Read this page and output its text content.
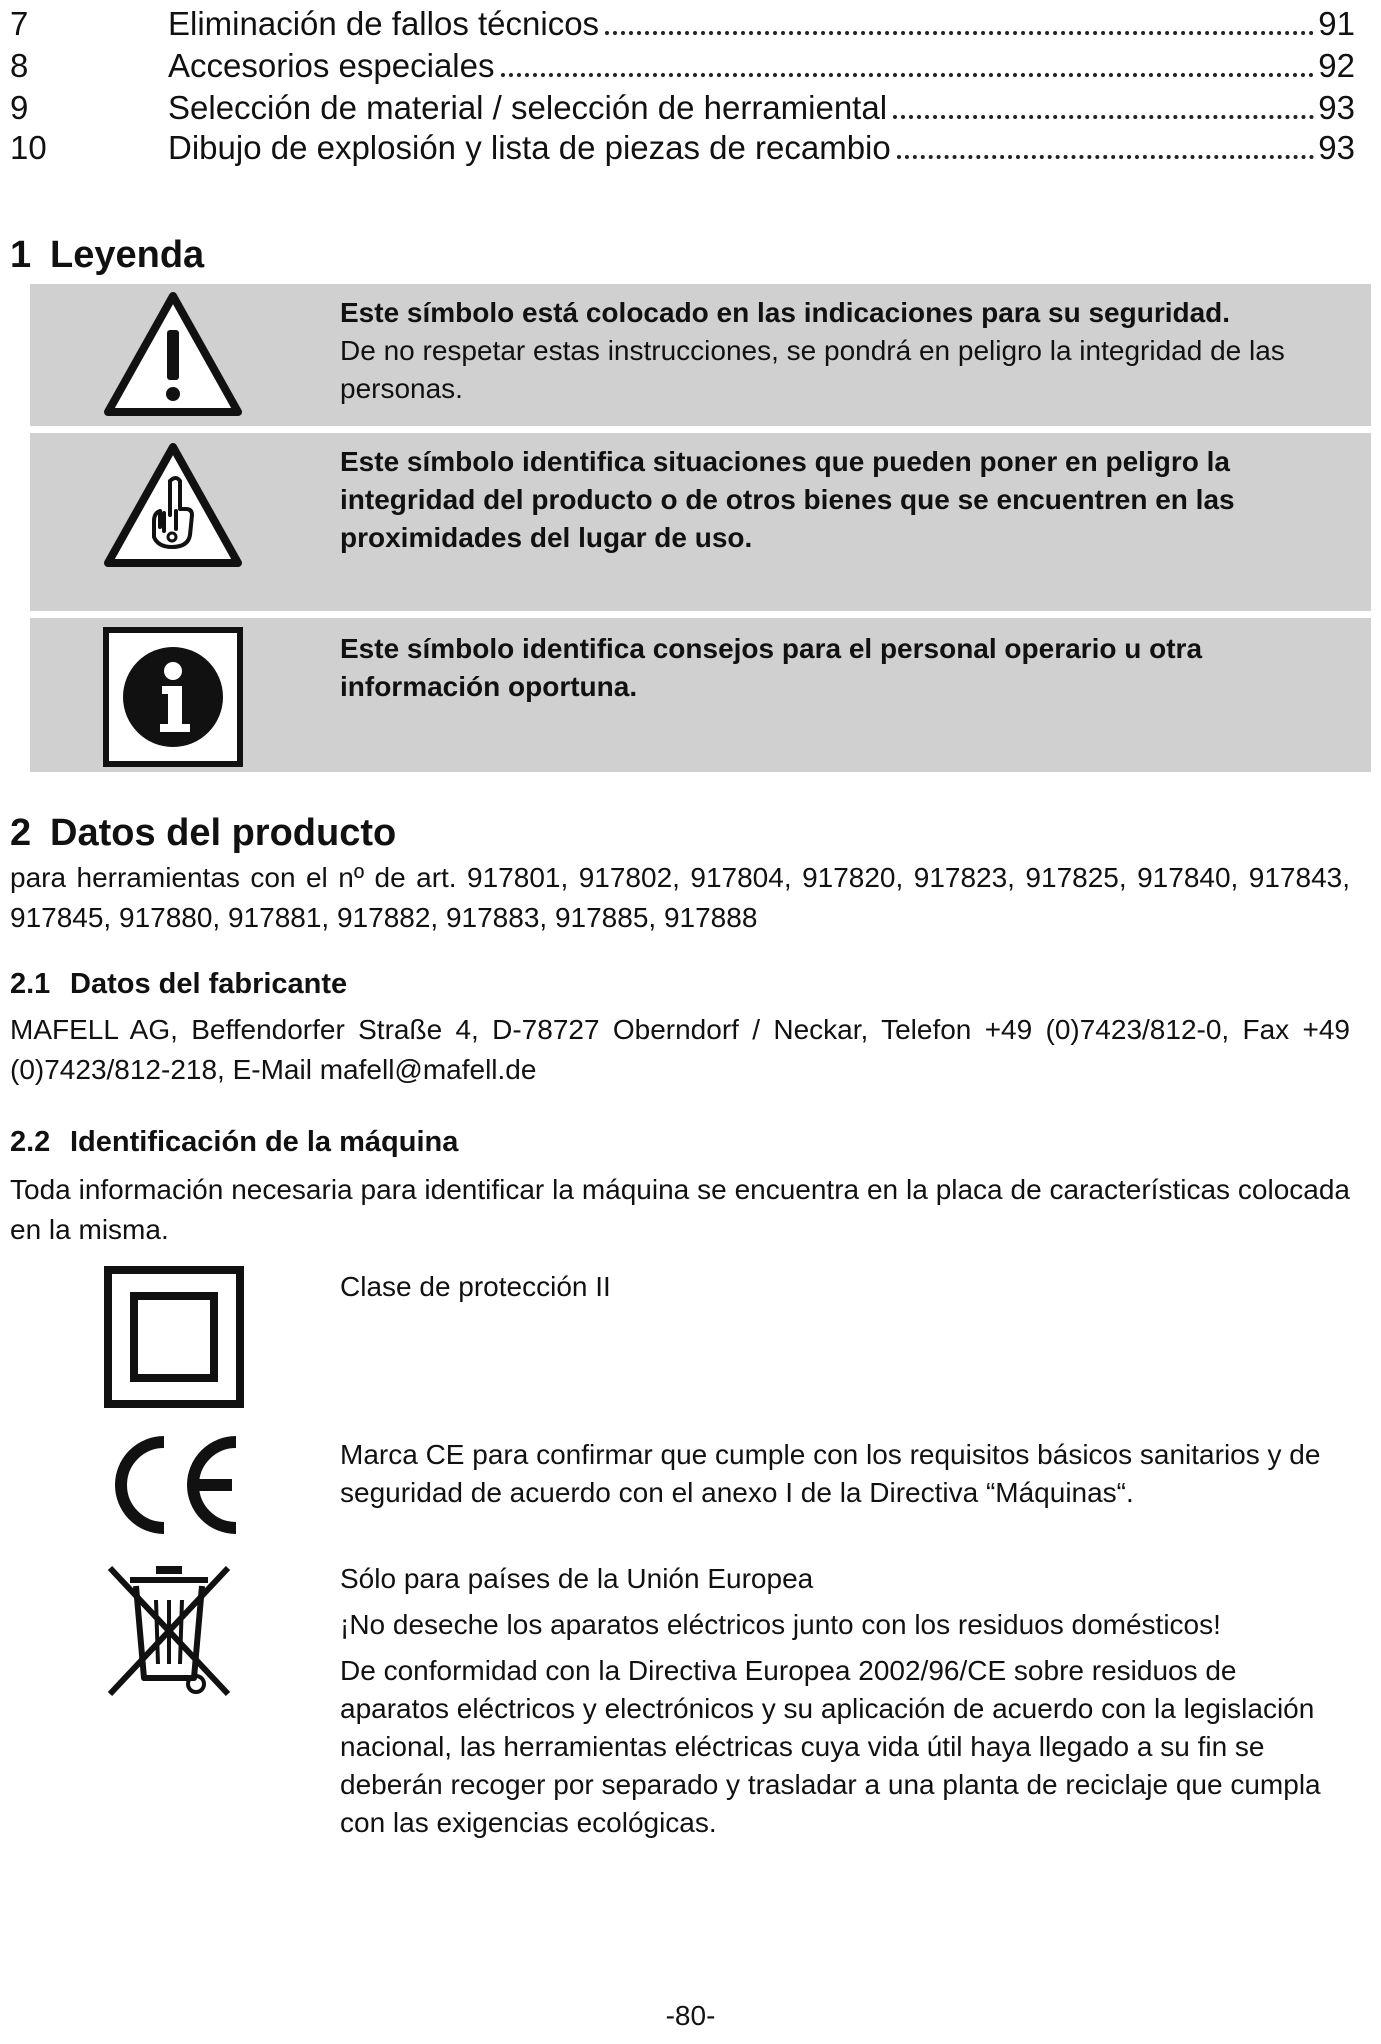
7	Eliminación de fallos técnicos	91
8	Accesorios especiales	92
9	Selección de material / selección de herramiental	93
10	Dibujo de explosión y lista de piezas de recambio	93
1 Leyenda
Este símbolo está colocado en las indicaciones para su seguridad.
De no respetar estas instrucciones, se pondrá en peligro la integridad de las personas.
Este símbolo identifica situaciones que pueden poner en peligro la integridad del producto o de otros bienes que se encuentren en las proximidades del lugar de uso.
Este símbolo identifica consejos para el personal operario u otra información oportuna.
2 Datos del producto
para herramientas con el nº de art. 917801, 917802, 917804, 917820, 917823, 917825, 917840, 917843, 917845, 917880, 917881, 917882, 917883, 917885, 917888
2.1 Datos del fabricante
MAFELL AG, Beffendorfer Straße 4, D-78727 Oberndorf / Neckar, Telefon +49 (0)7423/812-0, Fax +49 (0)7423/812-218, E-Mail mafell@mafell.de
2.2 Identificación de la máquina
Toda información necesaria para identificar la máquina se encuentra en la placa de características colocada en la misma.

Clase de protección II

Marca CE para confirmar que cumple con los requisitos básicos sanitarios y de seguridad de acuerdo con el anexo I de la Directiva “Máquinas“.

Sólo para países de la Unión Europea

¡No deseche los aparatos eléctricos junto con los residuos domésticos!

De conformidad con la Directiva Europea 2002/96/CE sobre residuos de aparatos eléctricos y electrónicos y su aplicación de acuerdo con la legislación nacional, las herramientas eléctricas cuya vida útil haya llegado a su fin se deberán recoger por separado y trasladar a una planta de reciclaje que cumpla con las exigencias ecológicas.

-80-
